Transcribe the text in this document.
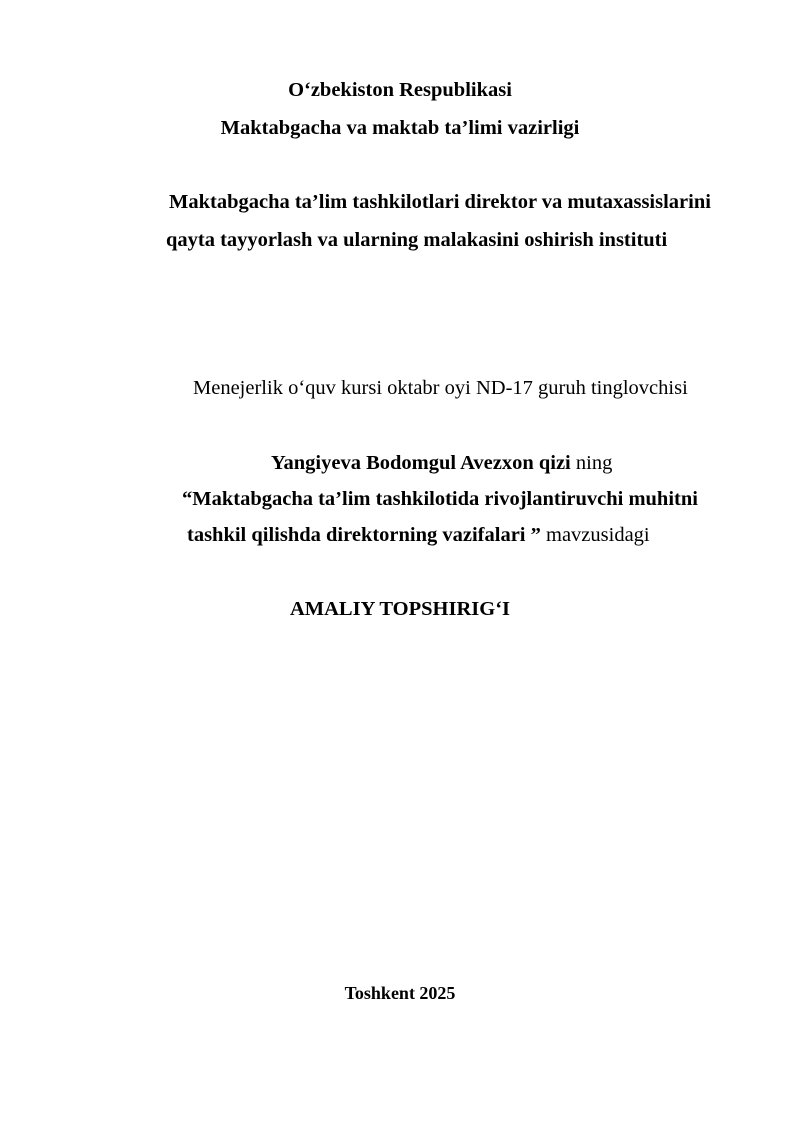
O‘zbekiston Respublikasi
Maktabgacha va maktab ta’limi vazirligi
Maktabgacha ta’lim tashkilotlari direktor va mutaxassislarini
qayta tayyorlash va ularning malakasini oshirish instituti
Menejerlik o‘quv kursi oktabr oyi ND-17 guruh tinglovchisi
Yangiyeva Bodomgul Avezxon qizi ning
“Maktabgacha ta’lim tashkilotida rivojlantiruvchi muhitni
tashkil qilishda direktorning vazifalari ” mavzusidagi
AMALIY TOPSHIRIG‘I
Toshkent 2025
